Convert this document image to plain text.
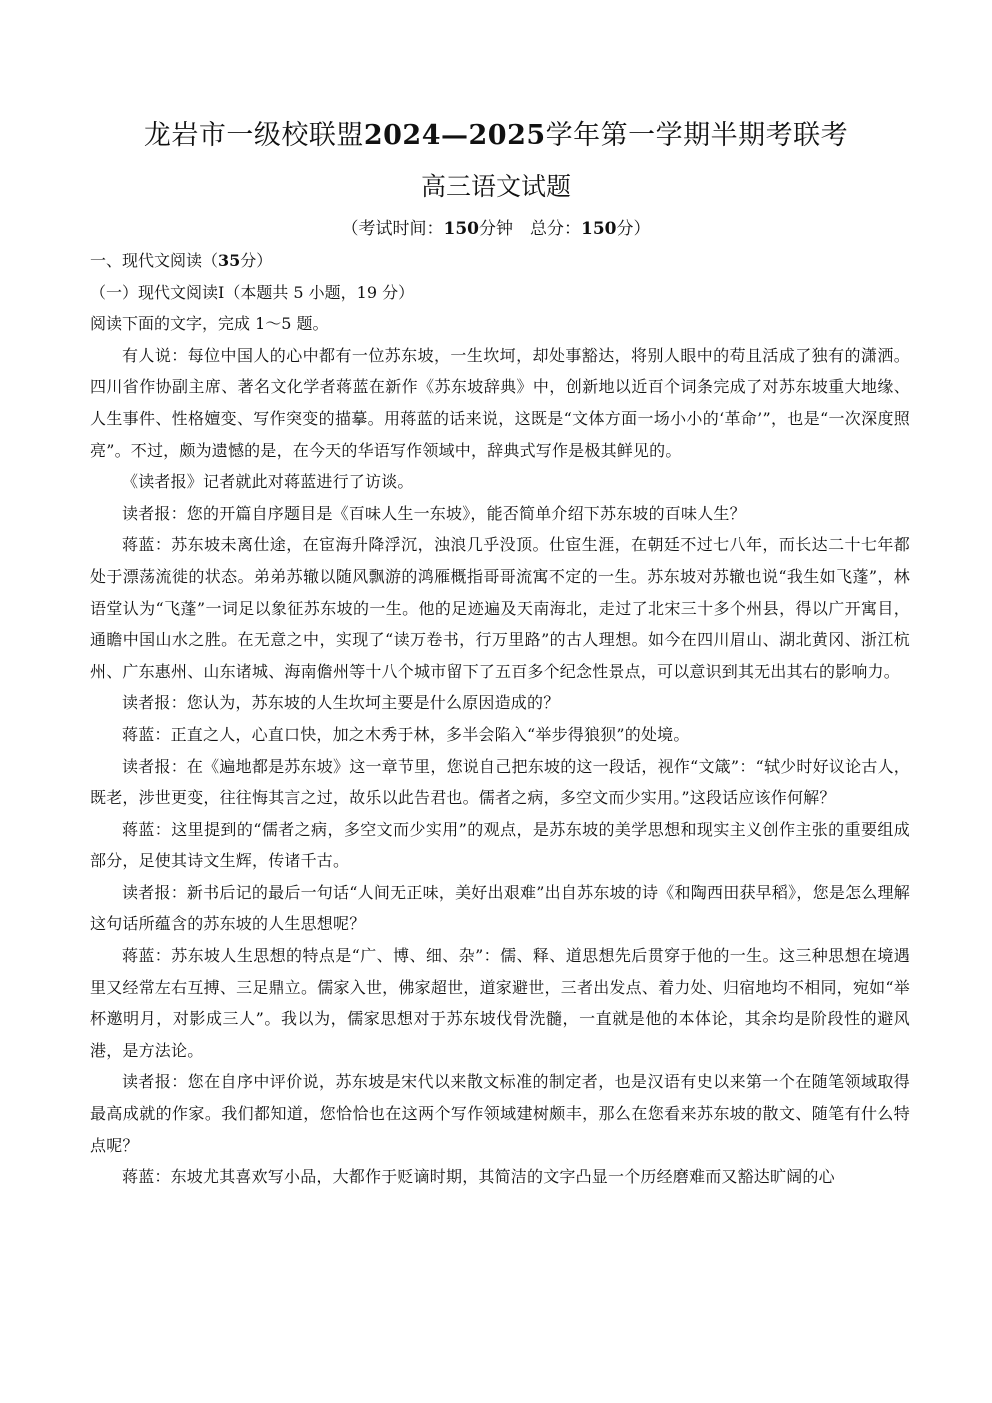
龙岩市一级校联盟2024—2025学年第一学期半期考联考
高三语文试题
（考试时间：150分钟　总分：150分）

一、现代文阅读（35分）

（一）现代文阅读Ⅰ（本题共 5 小题，19 分）

阅读下面的文字，完成 1～5 题。

有人说：每位中国人的心中都有一位苏东坡，一生坎坷，却处事豁达，将别人眼中的苟且活成了独有的潇洒。四川省作协副主席、著名文化学者蒋蓝在新作《苏东坡辞典》中，创新地以近百个词条完成了对苏东坡重大地缘、人生事件、性格嬗变、写作突变的描摹。用蒋蓝的话来说，这既是“文体方面一场小小的‘革命’”，也是“一次深度照亮”。不过，颇为遗憾的是，在今天的华语写作领域中，辞典式写作是极其鲜见的。

《读者报》记者就此对蒋蓝进行了访谈。

读者报：您的开篇自序题目是《百味人生一东坡》，能否简单介绍下苏东坡的百味人生？

蒋蓝：苏东坡未离仕途，在宦海升降浮沉，浊浪几乎没顶。仕宦生涯，在朝廷不过七八年，而长达二十七年都处于漂荡流徙的状态。弟弟苏辙以随风飘游的鸿雁概指哥哥流寓不定的一生。苏东坡对苏辙也说“我生如飞蓬”，林语堂认为“飞蓬”一词足以象征苏东坡的一生。他的足迹遍及天南海北，走过了北宋三十多个州县，得以广开寓目，通瞻中国山水之胜。在无意之中，实现了“读万卷书，行万里路”的古人理想。如今在四川眉山、湖北黄冈、浙江杭州、广东惠州、山东诸城、海南儋州等十八个城市留下了五百多个纪念性景点，可以意识到其无出其右的影响力。

读者报：您认为，苏东坡的人生坎坷主要是什么原因造成的？

蒋蓝：正直之人，心直口快，加之木秀于林，多半会陷入“举步得狼狈”的处境。

读者报：在《遍地都是苏东坡》这一章节里，您说自己把东坡的这一段话，视作“文箴”：“轼少时好议论古人，既老，涉世更变，往往悔其言之过，故乐以此告君也。儒者之病，多空文而少实用。”这段话应该作何解？

蒋蓝：这里提到的“儒者之病，多空文而少实用”的观点，是苏东坡的美学思想和现实主义创作主张的重要组成部分，足使其诗文生辉，传诸千古。

读者报：新书后记的最后一句话“人间无正味，美好出艰难”出自苏东坡的诗《和陶西田获早稻》，您是怎么理解这句话所蕴含的苏东坡的人生思想呢？

蒋蓝：苏东坡人生思想的特点是“广、博、细、杂”：儒、释、道思想先后贯穿于他的一生。这三种思想在境遇里又经常左右互搏、三足鼎立。儒家入世，佛家超世，道家避世，三者出发点、着力处、归宿地均不相同，宛如“举杯邀明月，对影成三人”。我以为，儒家思想对于苏东坡伐骨洗髓，一直就是他的本体论，其余均是阶段性的避风港，是方法论。

读者报：您在自序中评价说，苏东坡是宋代以来散文标准的制定者，也是汉语有史以来第一个在随笔领域取得最高成就的作家。我们都知道，您恰恰也在这两个写作领域建树颇丰，那么在您看来苏东坡的散文、随笔有什么特点呢？

蒋蓝：东坡尤其喜欢写小品，大都作于贬谪时期，其简洁的文字凸显一个历经磨难而又豁达旷阔的心
